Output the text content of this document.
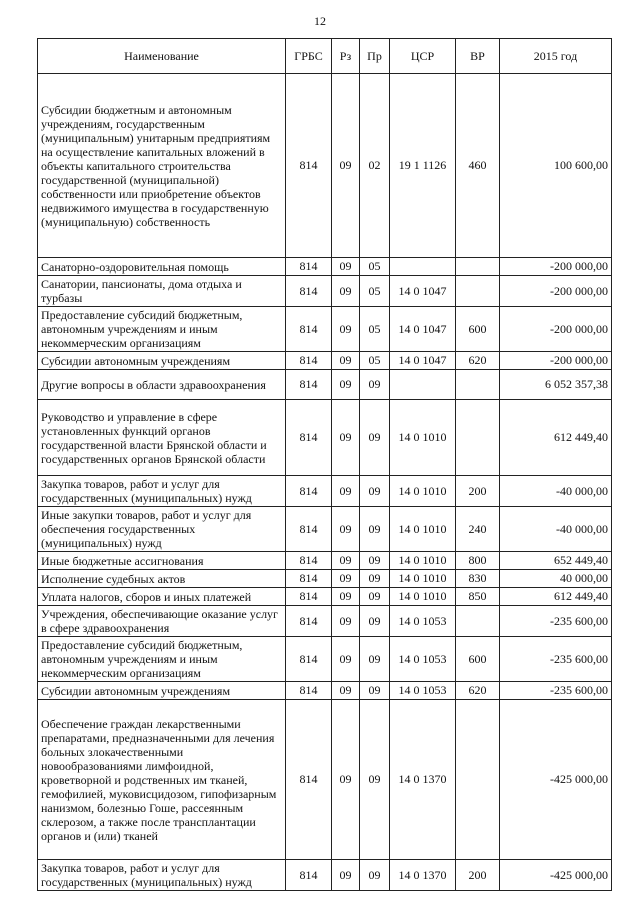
12
Наименование	ГРБС	Рз	Пр	ЦСР	ВР	2015 год
Субсидии бюджетным и автономным учреждениям, государственным (муниципальным) унитарным предприятиям на осуществление капитальных вложений в объекты капитального строительства государственной (муниципальной) собственности или приобретение объектов недвижимого имущества в государственную (муниципальную) собственность	814	09	02	19 1 1126	460	100 600,00
Санаторно-оздоровительная помощь	814	09	05			-200 000,00
Санатории, пансионаты, дома отдыха и турбазы	814	09	05	14 0 1047		-200 000,00
Предоставление субсидий бюджетным, автономным учреждениям и иным некоммерческим организациям	814	09	05	14 0 1047	600	-200 000,00
Субсидии автономным учреждениям	814	09	05	14 0 1047	620	-200 000,00
Другие вопросы в области здравоохранения	814	09	09			6 052 357,38
Руководство и управление в сфере установленных функций органов государственной власти Брянской области и государственных органов Брянской области	814	09	09	14 0 1010		612 449,40
Закупка товаров, работ и услуг для государственных (муниципальных) нужд	814	09	09	14 0 1010	200	-40 000,00
Иные закупки товаров, работ и услуг для обеспечения государственных (муниципальных) нужд	814	09	09	14 0 1010	240	-40 000,00
Иные бюджетные ассигнования	814	09	09	14 0 1010	800	652 449,40
Исполнение судебных актов	814	09	09	14 0 1010	830	40 000,00
Уплата налогов, сборов и иных платежей	814	09	09	14 0 1010	850	612 449,40
Учреждения, обеспечивающие оказание услуг в сфере здравоохранения	814	09	09	14 0 1053		-235 600,00
Предоставление субсидий бюджетным, автономным учреждениям и иным некоммерческим организациям	814	09	09	14 0 1053	600	-235 600,00
Субсидии автономным учреждениям	814	09	09	14 0 1053	620	-235 600,00
Обеспечение граждан лекарственными препаратами, предназначенными для лечения больных злокачественными новообразованиями лимфоидной, кроветворной и родственных им тканей, гемофилией, муковисцидозом, гипофизарным нанизмом, болезнью Гоше, рассеянным склерозом, а также после трансплантации органов и (или) тканей	814	09	09	14 0 1370		-425 000,00
Закупка товаров, работ и услуг для государственных (муниципальных) нужд	814	09	09	14 0 1370	200	-425 000,00
